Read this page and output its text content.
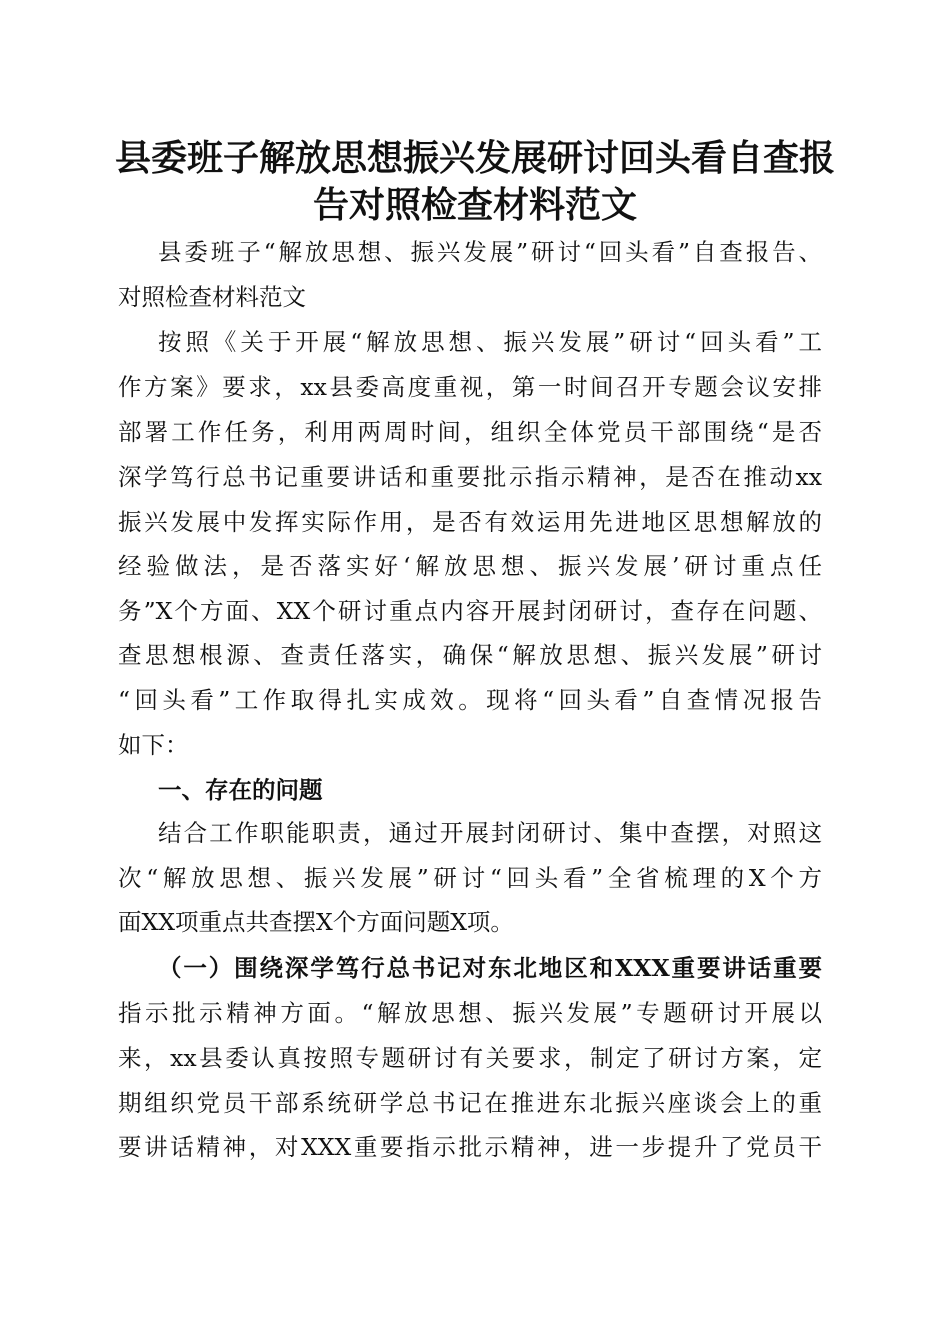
县委班子解放思想振兴发展研讨回头看自查报
告对照检查材料范文
县委班子“解放思想、振兴发展”研讨“回头看”自查报告、
对照检查材料范文
按照《关于开展“解放思想、振兴发展”研讨“回头看”工
作方案》要求，xx县委高度重视，第一时间召开专题会议安排
部署工作任务，利用两周时间，组织全体党员干部围绕“是否
深学笃行总书记重要讲话和重要批示指示精神，是否在推动xx
振兴发展中发挥实际作用，是否有效运用先进地区思想解放的
经验做法，是否落实好‘解放思想、振兴发展’研讨重点任
务”X个方面、XX个研讨重点内容开展封闭研讨，查存在问题、
查思想根源、查责任落实，确保“解放思想、振兴发展”研讨
“回头看”工作取得扎实成效。现将“回头看”自查情况报告
如下：
一、存在的问题
结合工作职能职责，通过开展封闭研讨、集中查摆，对照这
次“解放思想、振兴发展”研讨“回头看”全省梳理的X个方
面XX项重点共查摆X个方面问题X项。
（一）围绕深学笃行总书记对东北地区和XXX重要讲话重要
指示批示精神方面。“解放思想、振兴发展”专题研讨开展以
来，xx县委认真按照专题研讨有关要求，制定了研讨方案，定
期组织党员干部系统研学总书记在推进东北振兴座谈会上的重
要讲话精神，对XXX重要指示批示精神，进一步提升了党员干
